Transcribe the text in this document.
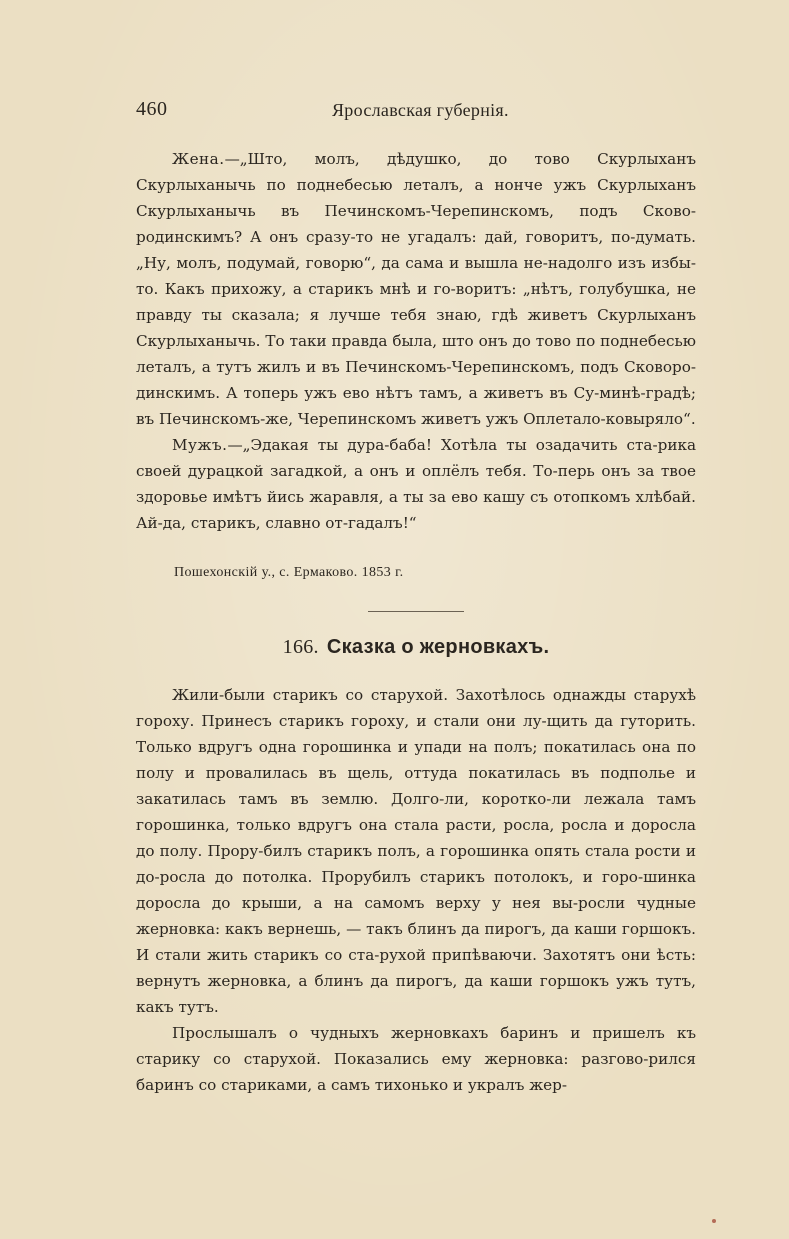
460	Ярославская губернія.

Жена.—„Што, молъ, дѣдушко, до тово Скурлыханъ Скурлыханычь по поднебесью леталъ, а нонче ужъ Скурлыханъ Скурлыханычь въ Печинскомъ-Черепинскомъ, подъ Сково-родинскимъ? А онъ сразу-то не угадалъ: дай, говоритъ, по-думать. „Ну, молъ, подумай, говорю“, да сама и вышла не-надолго изъ избы-то. Какъ прихожу, а старикъ мнѣ и го-воритъ: „нѣтъ, голубушка, не правду ты сказала; я лучше тебя знаю, гдѣ живетъ Скурлыханъ Скурлыханычь. То таки правда была, што онъ до тово по поднебесью леталъ, а тутъ жилъ и въ Печинскомъ-Черепинскомъ, подъ Сковоро-динскимъ. А топерь ужъ ево нѣтъ тамъ, а живетъ въ Су-минѣ-градѣ; въ Печинскомъ-же, Черепинскомъ живетъ ужъ Оплетало-ковыряло“.

Мужъ.—„Эдакая ты дура-баба! Хотѣла ты озадачить ста-рика своей дурацкой загадкой, а онъ и оплёлъ тебя. То-перь онъ за твое здоровье имѣтъ йись жаравля, а ты за ево кашу съ отопкомъ хлѣбай. Ай-да, старикъ, славно от-гадалъ!“

Пошехонскій у., с. Ермаково. 1853 г.
166. Сказка о жерновкахъ.

Жили-были старикъ со старухой. Захотѣлось однажды старухѣ гороху. Принесъ старикъ гороху, и стали они лу-щить да гуторить. Только вдругъ одна горошинка и упади на полъ; покатилась она по полу и провалилась въ щель, оттуда покатилась въ подполье и закатилась тамъ въ землю. Долго-ли, коротко-ли лежала тамъ горошинка, только вдругъ она стала расти, росла, росла и доросла до полу. Прору-билъ старикъ полъ, а горошинка опять стала рости и до-росла до потолка. Прорубилъ старикъ потолокъ, и горо-шинка доросла до крыши, а на самомъ верху у нея вы-росли чудные жерновка: какъ вернешь, — такъ блинъ да пирогъ, да каши горшокъ. И стали жить старикъ со ста-рухой припѣваючи. Захотятъ они ѣсть: вернутъ жерновка, а блинъ да пирогъ, да каши горшокъ ужъ тутъ, какъ тутъ.

Прослышалъ о чудныхъ жерновкахъ баринъ и пришелъ къ старику со старухой. Показались ему жерновка: разгово-рился баринъ со стариками, а самъ тихонько и укралъ жер-
